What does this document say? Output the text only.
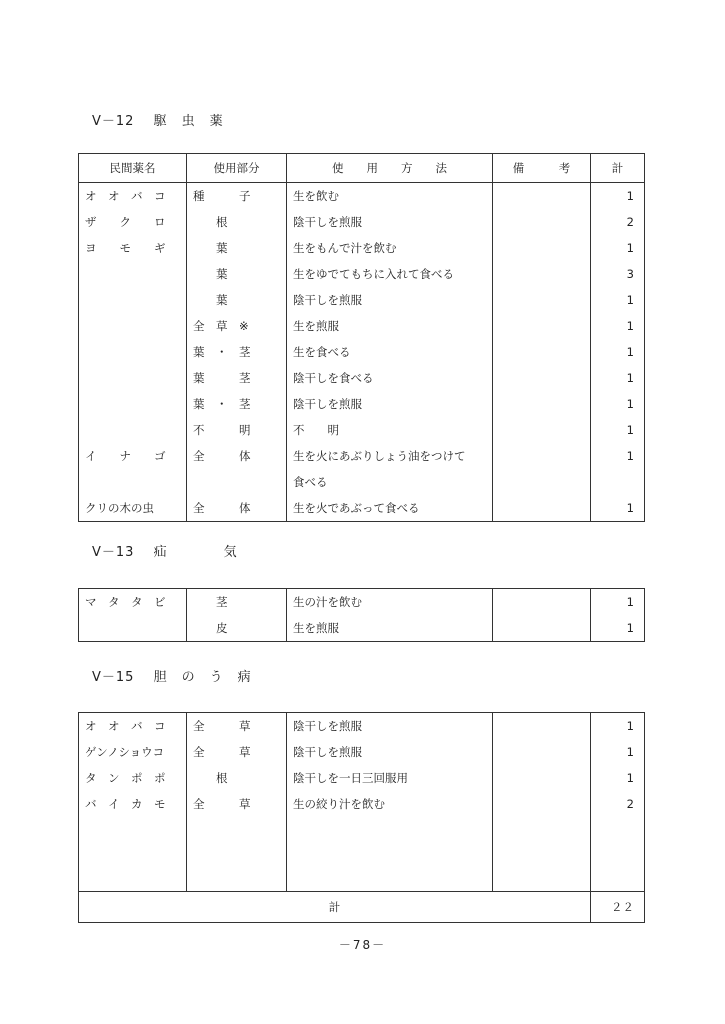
V－12 駆　虫　薬
民間薬名	使用部分	使　　用　　方　　法	備　　　考	計
オ　オ　バ　コ	種　　　子	生を飲む		1
ザ　　ク　　ロ	　　根	陰干しを煎服		2
ヨ　　モ　　ギ	　　葉	生をもんで汁を飲む		1
	　　葉	生をゆでてもちに入れて食べる		3
	　　葉	陰干しを煎服		1
	全　草　※	生を煎服		1
	葉　・　茎	生を食べる		1
	葉　　　茎	陰干しを食べる		1
	葉　・　茎	陰干しを煎服		1
	不　　　明	不　　明		1
イ　　ナ　　ゴ	全　　　体	生を火にあぶりしょう油をつけて		1
		食べる		
クリの木の虫	全　　　体	生を火であぶって食べる		1
V－13 疝　　　　気
マ　タ　タ　ビ	　　茎	生の汁を飲む		1
	　　皮	生を煎服		1
V－15 胆　の　う　病
オ　オ　バ　コ	全　　　草	陰干しを煎服		1
ゲンノショウコ	全　　　草	陰干しを煎服		1
タ　ン　ポ　ポ	　　根	陰干しを一日三回服用		1
バ　イ　カ　モ	全　　　草	生の絞り汁を飲む		2

計				２２
－78－
